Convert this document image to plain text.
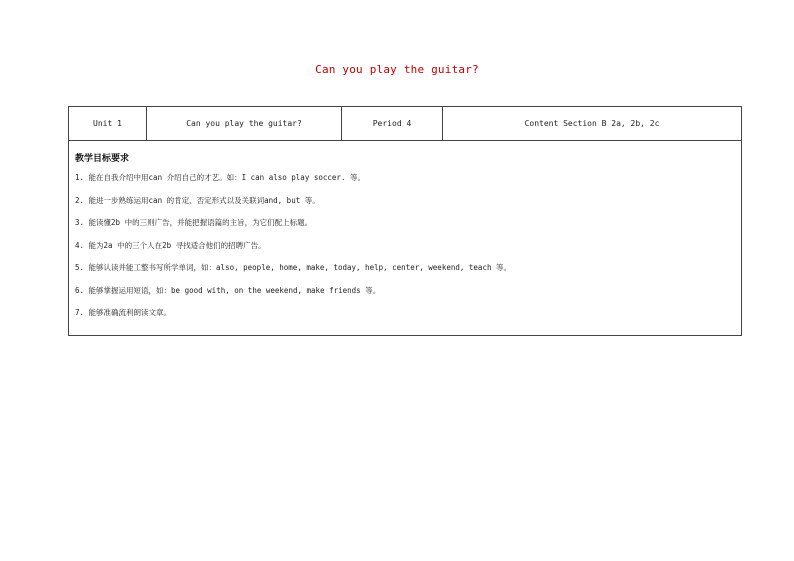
Can you play the guitar?
Unit 1	Can you play the guitar?	Period 4	Content Section B 2a, 2b, 2c

教学目标要求
1. 能在自我介绍中用can 介绍自己的才艺。如：I can also play soccer. 等。
2. 能进一步熟练运用can 的肯定、否定形式以及关联词and, but 等。
3. 能读懂2b 中的三则广告，并能把握语篇的主旨，为它们配上标题。
4. 能为2a 中的三个人在2b 寻找适合他们的招聘广告。
5. 能够认读并能工整书写所学单词，如：also, people, home, make, today, help, center, weekend, teach 等。
6. 能够掌握运用短语，如：be good with, on the weekend, make friends 等。
7. 能够准确流利朗读文章。
